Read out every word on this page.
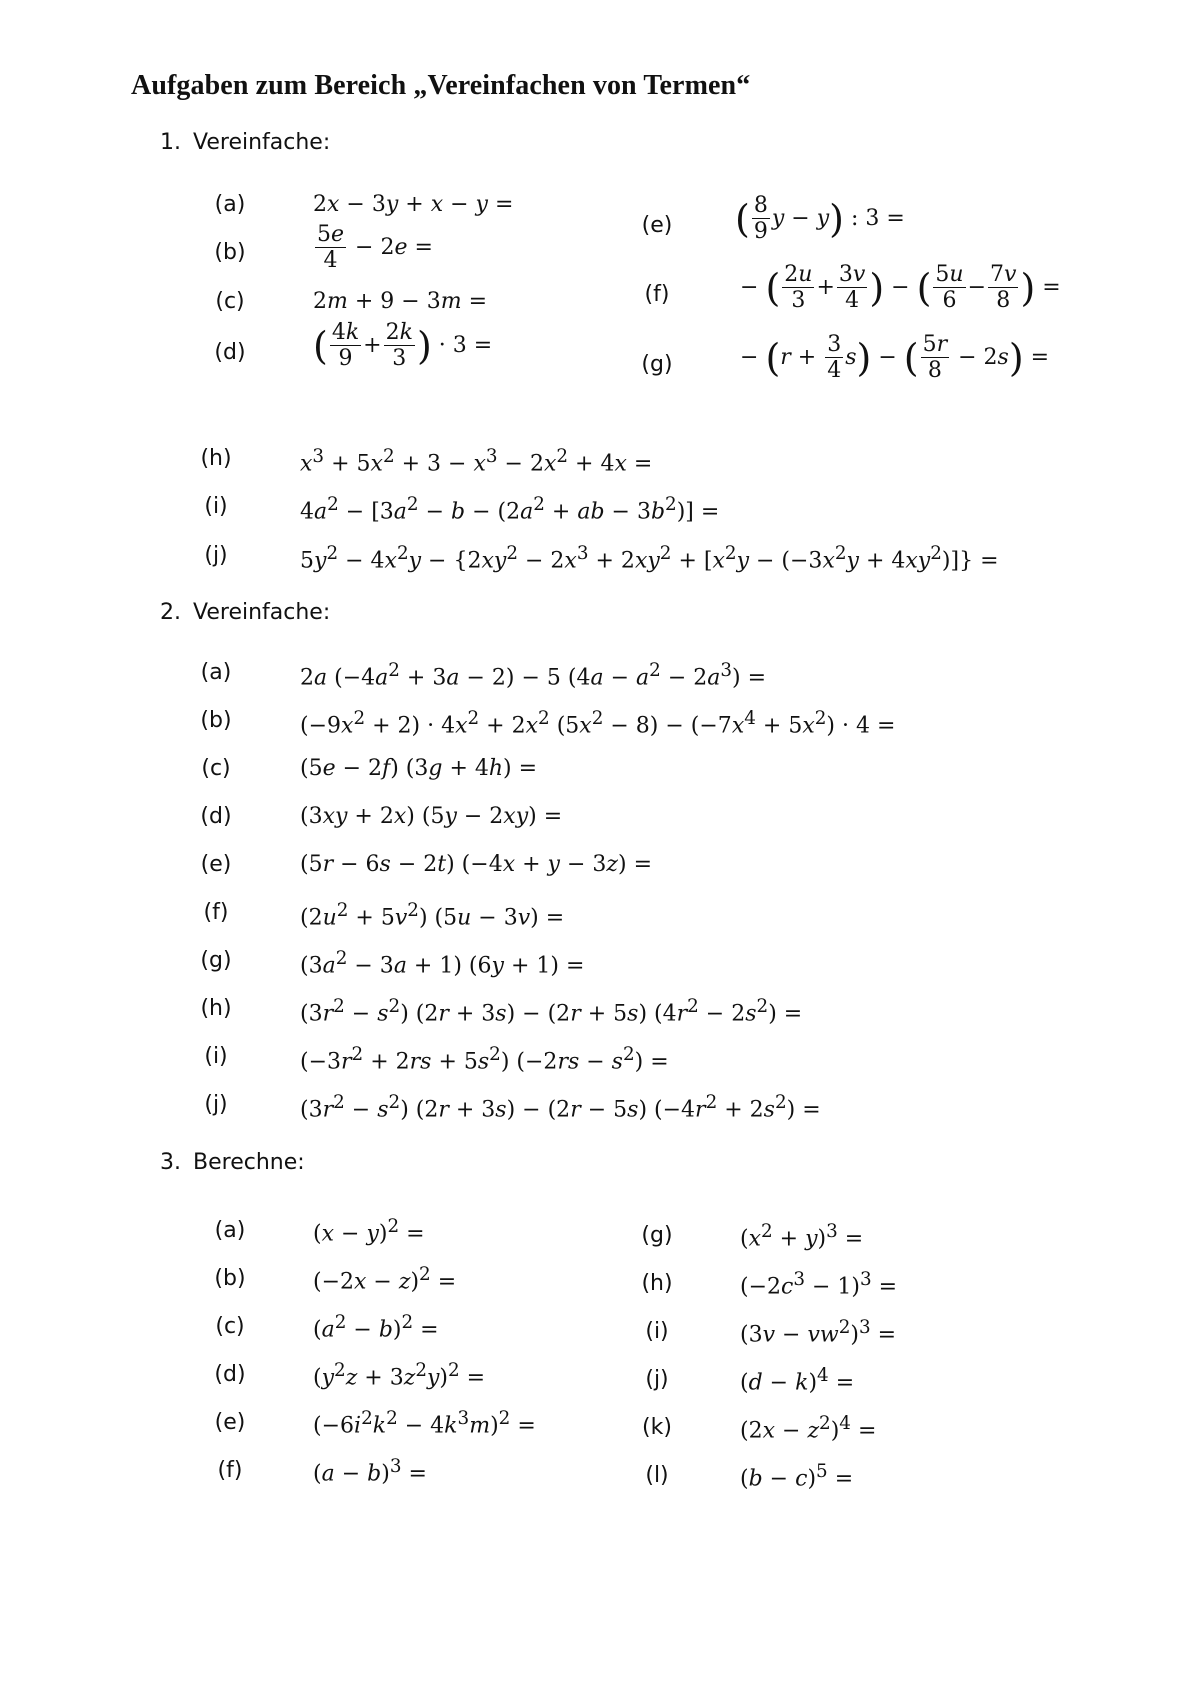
Aufgaben zum Bereich „Vereinfachen von Termen“
1. Vereinfache:
(a)	2x − 3y + x − y =
(b)	$\frac{5e}{4} - 2e$ =
(c)	2m + 9 − 3m =
(d) ( $\frac{4k}{9} + \frac{2k}{3}$ ) · 3 =
(e) ( $\frac{8}{9}$ y − y) : 3 =
(f)	− ( $\frac{2u}{3} + \frac{3v}{4}$ ) − ( $\frac{5u}{6} - \frac{7v}{8}$ ) =
(g)	− $(r + \frac{3}{4} s)$ − ( $\frac{5r}{8} - 2s$) =
(h)	$x^3 + 5x^2 + 3 - x^3 - 2x^2 + 4x$ =
(i)	$4a^2 - [3a^2 - b - (2a^2$ + ab − $3b^2$)] =
(j)	$5y^2 - 4x^2y - \{2xy^2 - 2x^3 + 2xy^2 + [x^2y - (-3x^2y + 4xy^2)]\}$ =
2. Vereinfache:
(a)	2a $(-4a^2 + 3a - 2) - 5$ $(4a - a^2 - 2a^3)$ =
(b)	$(-9x^2 + 2) \cdot 4x^2 + 2x^2$ $(5x^2 - 8) - (-7x^4 + 5x^2) \cdot 4$ =
(c)	(5e − 2f) (3g + 4h) =
(d)	(3xy + 2x) (5y − 2xy) =
(e)	(5r − 6s − 2t) (−4x + y − 3z) =
(f)	$(2u^2 + 5v^2) (5u - 3v)$ =
(g)	$(3a^2 - 3a + 1) (6y + 1)$ =
(h)	$(3r^2 - s^2) (2r + 3s) - (2r + 5s) (4r^2 - 2s^2)$ =
(i)	$(-3r^2 + 2rs + 5s^2) (-2rs - s^2)$ =
(j)	$(3r^2 - s^2) (2r + 3s) - (2r - 5s) (-4r^2 + 2s^2)$ =
3. Berechne:
(a)	$(x - y)^2$ =
(b)	$(-2x - z)^2$ =
(c)	$(a^2 - b)^2$ =
(d)	$(y^2z + 3z^2y)^2$ =
(e)	$(-6i^2k^2 - 4k^3m)^2$ =
(f)	$(a - b)^3$ =
(g)	$(x^2 + y)^3$ =
(h)	$(-2c^3 - 1)^3$ =
(i)	$(3v - vw^2)^3$ =
(j)	$(d - k)^4$ =
(k)	$(2x - z^2)^4$ =
(l)	$(b - c)^5$ =
